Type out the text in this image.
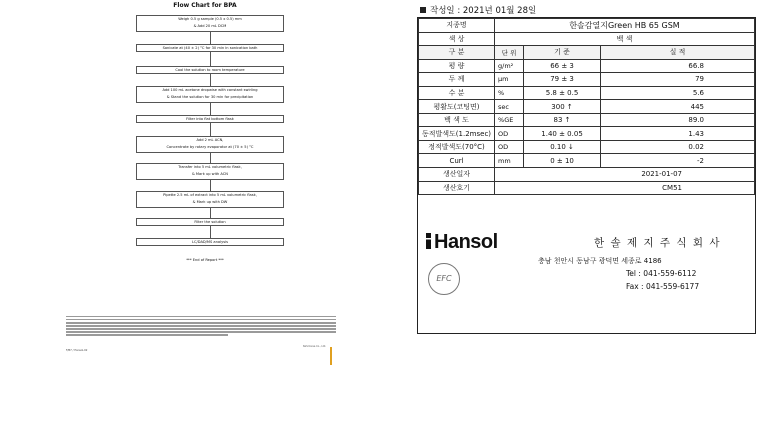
Flow Chart for BPA
Weigh 0.5 g sample (0.5 x 0.5) mm
& Add 20 mL DCM
Sonicate at (40 ± 2) °C for 30 min in sonication bath
Cool the solution to room temperature
Add 100 mL acetone dropwise with constant swirling
& Stand the solution for 30 min for precipitation
Filter into flat bottom flask
Add 2 mL ACN,
Concentrate by rotary evaporator at (70 ± 5) °C
Transfer into 5 mL volumetric flask,
& Mark up with ACN
Pipette 2.5 mL of extract into 5 mL volumetric flask,
& Mark up with DW
Filter the solution
LC/DAD/MS analysis
*** End of Report ***
F/B7 / Hansol-02
SGS Korea Co., Ltd.
작성일 : 2021년 01월 28일
지종명	한솔감열지Green HB 65 GSM		
색 상	백 색		
구 분	단 위	기 준	실 적
평 량	g/m²	66 ± 3	66.8
두 께	μm	79 ± 3	79
수 분	%	5.8 ± 0.5	5.6
평활도(코팅면)	sec	300 ↑	445
백 색 도	%GE	83 ↑	89.0
동적발색도(1.2msec)	OD	1.40 ± 0.05	1.43
정적발색도(70°C)	OD	0.10 ↓	0.02
Curl	mm	0 ± 10	-2
생산일자	2021-01-07		
생산호기	CM51		
Hansol	한 솔 제 지 주 식 회 사
충남 천안시 동남구 광덕면 세종로 4186
Tel : 041-559-6112
Fax : 041-559-6177
EFC
